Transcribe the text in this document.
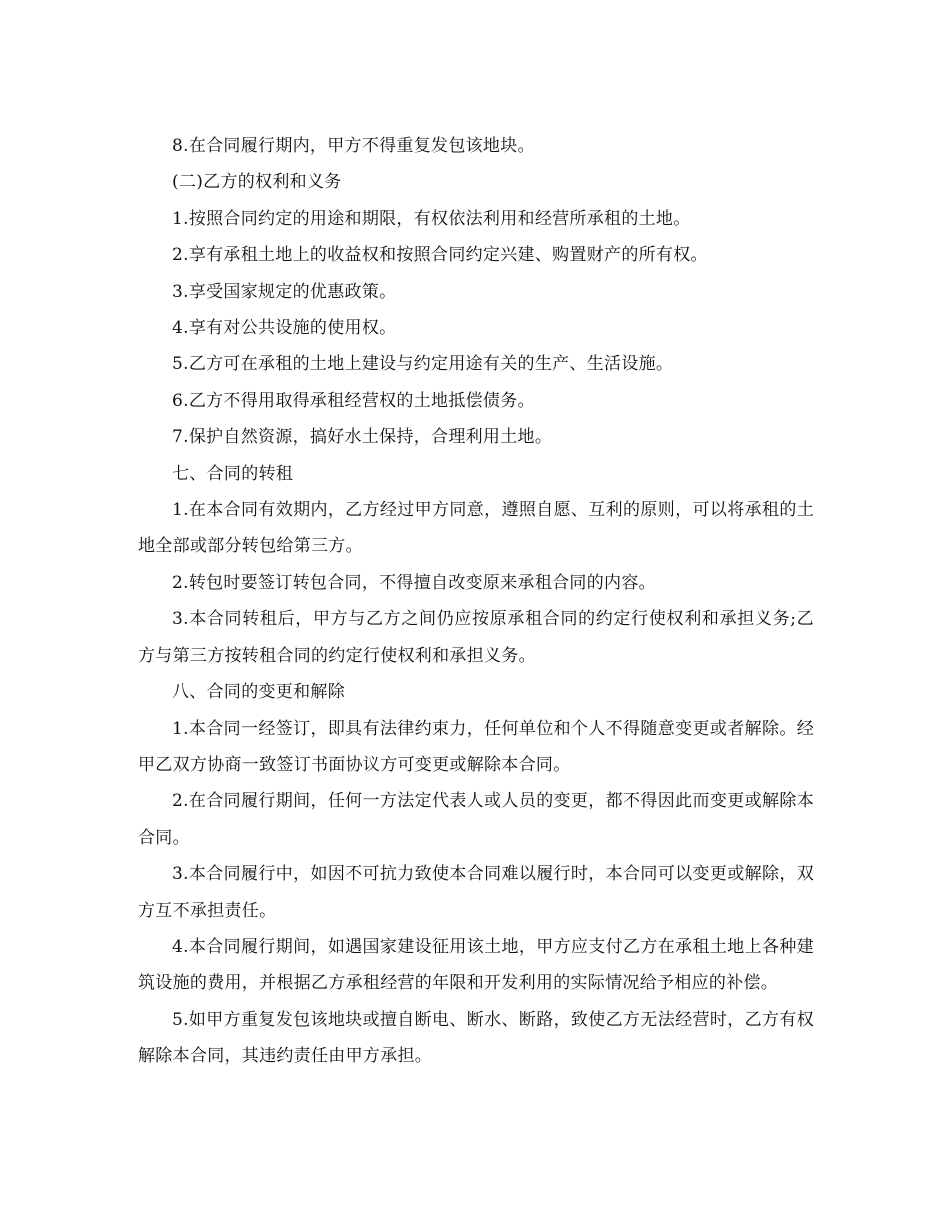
8.在合同履行期内，甲方不得重复发包该地块。

(二)乙方的权利和义务

1.按照合同约定的用途和期限，有权依法利用和经营所承租的土地。

2.享有承租土地上的收益权和按照合同约定兴建、购置财产的所有权。

3.享受国家规定的优惠政策。

4.享有对公共设施的使用权。

5.乙方可在承租的土地上建设与约定用途有关的生产、生活设施。

6.乙方不得用取得承租经营权的土地抵偿债务。

7.保护自然资源，搞好水土保持，合理利用土地。

七、合同的转租

1.在本合同有效期内，乙方经过甲方同意，遵照自愿、互利的原则，可以将承租的土地全部或部分转包给第三方。

2.转包时要签订转包合同，不得擅自改变原来承租合同的内容。

3.本合同转租后，甲方与乙方之间仍应按原承租合同的约定行使权利和承担义务;乙方与第三方按转租合同的约定行使权利和承担义务。

八、合同的变更和解除

1.本合同一经签订，即具有法律约束力，任何单位和个人不得随意变更或者解除。经甲乙双方协商一致签订书面协议方可变更或解除本合同。

2.在合同履行期间，任何一方法定代表人或人员的变更，都不得因此而变更或解除本合同。

3.本合同履行中，如因不可抗力致使本合同难以履行时，本合同可以变更或解除，双方互不承担责任。

4.本合同履行期间，如遇国家建设征用该土地，甲方应支付乙方在承租土地上各种建筑设施的费用，并根据乙方承租经营的年限和开发利用的实际情况给予相应的补偿。

5.如甲方重复发包该地块或擅自断电、断水、断路，致使乙方无法经营时，乙方有权解除本合同，其违约责任由甲方承担。
